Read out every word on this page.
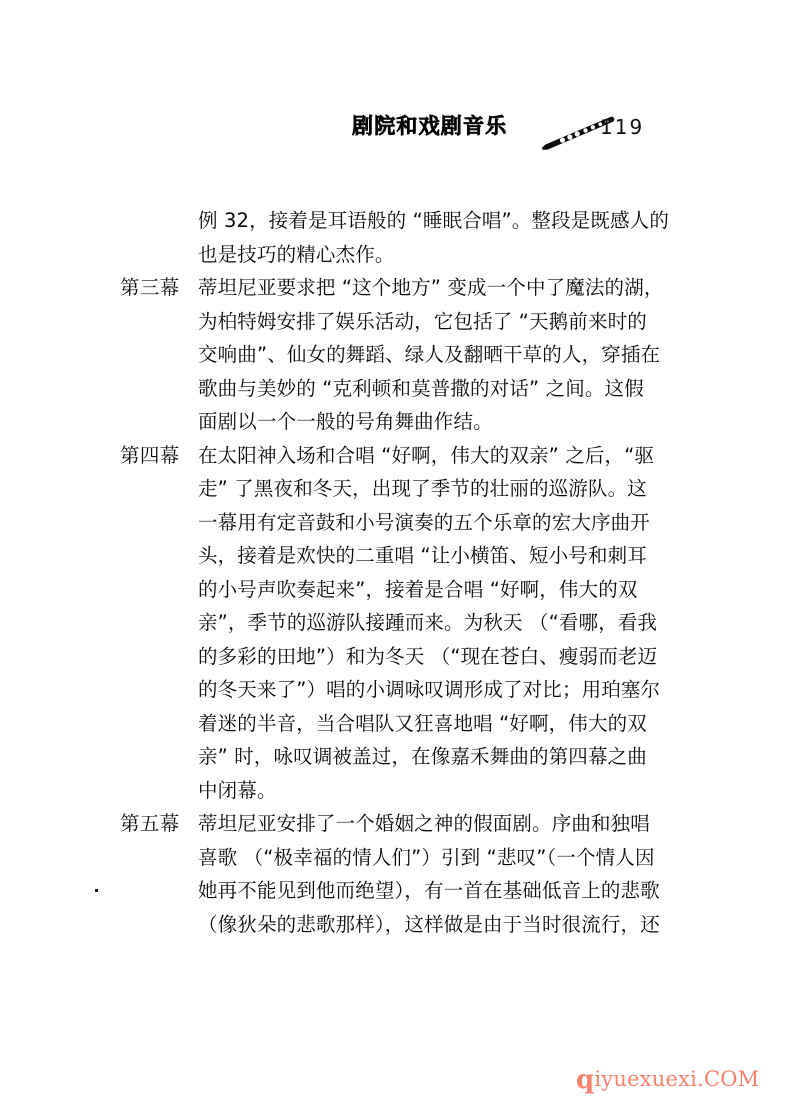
剧院和戏剧音乐	119
例 32，接着是耳语般的 “睡眠合唱”。整段是既感人的
也是技巧的精心杰作。
第三幕 蒂坦尼亚要求把 “这个地方” 变成一个中了魔法的湖，
为柏特姆安排了娱乐活动，它包括了 “天鹅前来时的
交响曲”、仙女的舞蹈、绿人及翻晒干草的人，穿插在
歌曲与美妙的 “克利顿和莫普撒的对话” 之间。这假
面剧以一个一般的号角舞曲作结。
第四幕 在太阳神入场和合唱 “好啊，伟大的双亲” 之后，“驱
走” 了黑夜和冬天，出现了季节的壮丽的巡游队。这
一幕用有定音鼓和小号演奏的五个乐章的宏大序曲开
头，接着是欢快的二重唱 “让小横笛、短小号和刺耳
的小号声吹奏起来”，接着是合唱 “好啊，伟大的双
亲”，季节的巡游队接踵而来。为秋天 （“看哪，看我
的多彩的田地”）和为冬天 （“现在苍白、瘦弱而老迈
的冬天来了”）唱的小调咏叹调形成了对比；用珀塞尔
着迷的半音，当合唱队又狂喜地唱 “好啊，伟大的双
亲” 时，咏叹调被盖过，在像嘉禾舞曲的第四幕之曲
中闭幕。
第五幕 蒂坦尼亚安排了一个婚姻之神的假面剧。序曲和独唱
喜歌 （“极幸福的情人们”）引到 “悲叹”（一个情人因
她再不能见到他而绝望），有一首在基础低音上的悲歌
（像狄朵的悲歌那样），这样做是由于当时很流行，还
qiyuexuexi.COM
